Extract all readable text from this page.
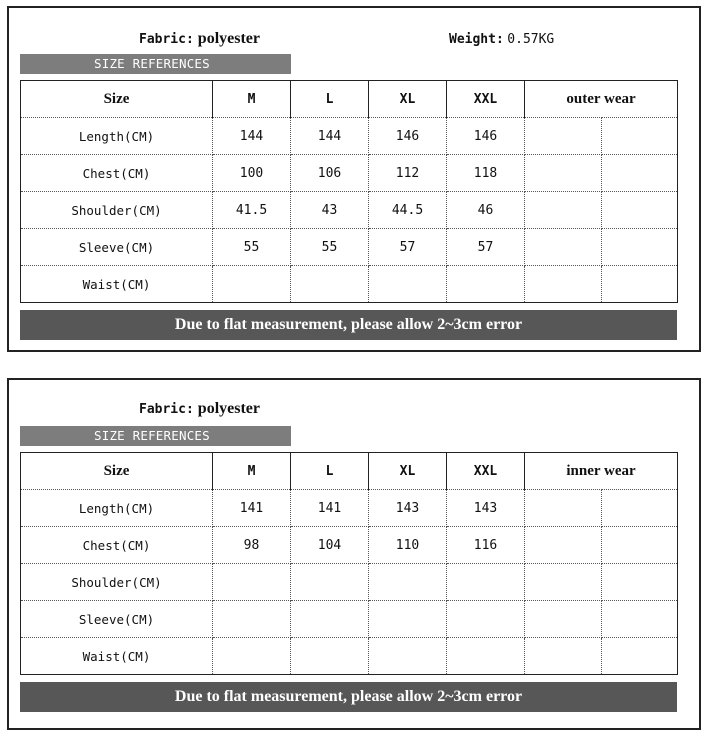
Fabric: polyester	Weight: 0.57KG
SIZE REFERENCES
Size	M	L	XL	XXL	outer wear	
Length(CM)	144	144	146	146		
Chest(CM)	100	106	112	118		
Shoulder(CM)	41.5	43	44.5	46		
Sleeve(CM)	55	55	57	57		
Waist(CM)						
Due to flat measurement, please allow 2~3cm error
Fabric: polyester
SIZE REFERENCES
Size	M	L	XL	XXL	inner wear	
Length(CM)	141	141	143	143		
Chest(CM)	98	104	110	116		
Shoulder(CM)						
Sleeve(CM)						
Waist(CM)						
Due to flat measurement, please allow 2~3cm error
